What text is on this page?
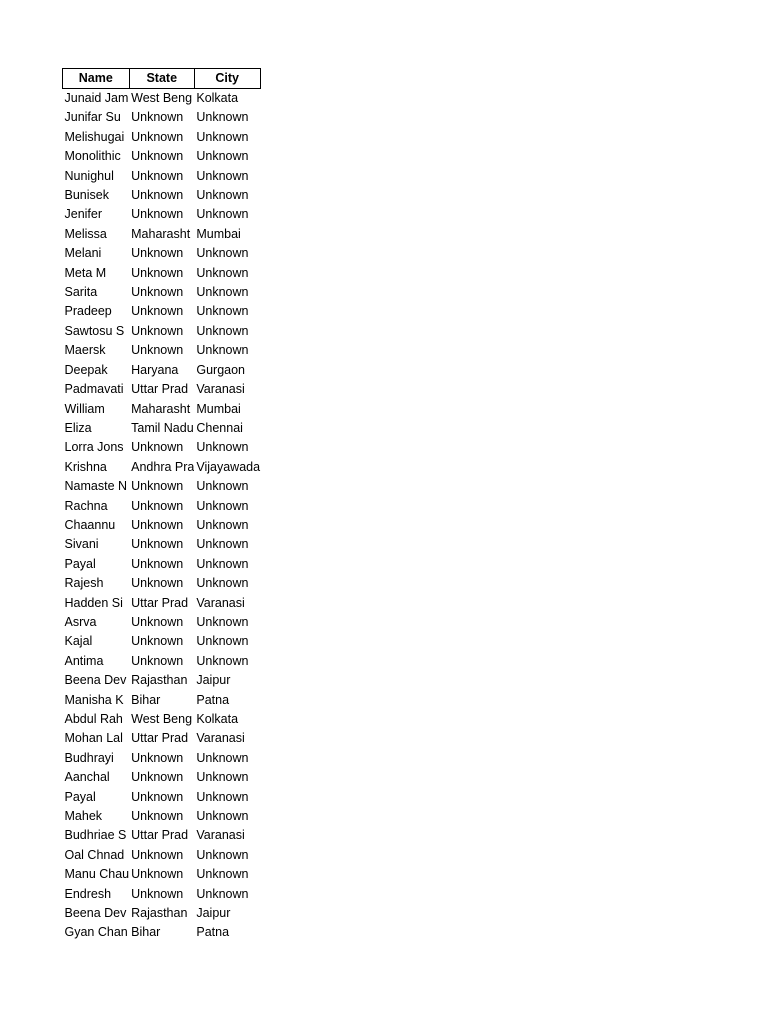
Name	State	City
Junaid Jam	West Beng	Kolkata
Junifar Su	Unknown	Unknown
Melishugai	Unknown	Unknown
Monolithic	Unknown	Unknown
Nunighul	Unknown	Unknown
Bunisek	Unknown	Unknown
Jenifer	Unknown	Unknown
Melissa	Maharasht	Mumbai
Melani	Unknown	Unknown
Meta M	Unknown	Unknown
Sarita	Unknown	Unknown
Pradeep	Unknown	Unknown
Sawtosu S	Unknown	Unknown
Maersk	Unknown	Unknown
Deepak	Haryana	Gurgaon
Padmavati	Uttar Prad	Varanasi
William	Maharasht	Mumbai
Eliza	Tamil Nadu	Chennai
Lorra Jons	Unknown	Unknown
Krishna	Andhra Pra	Vijayawada
Namaste N	Unknown	Unknown
Rachna	Unknown	Unknown
Chaannu	Unknown	Unknown
Sivani	Unknown	Unknown
Payal	Unknown	Unknown
Rajesh	Unknown	Unknown
Hadden Si	Uttar Prad	Varanasi
Asrva	Unknown	Unknown
Kajal	Unknown	Unknown
Antima	Unknown	Unknown
Beena Dev	Rajasthan	Jaipur
Manisha K	Bihar	Patna
Abdul Rah	West Beng	Kolkata
Mohan Lal	Uttar Prad	Varanasi
Budhrayi	Unknown	Unknown
Aanchal	Unknown	Unknown
Payal	Unknown	Unknown
Mahek	Unknown	Unknown
Budhriae S	Uttar Prad	Varanasi
Oal Chnad	Unknown	Unknown
Manu Chau	Unknown	Unknown
Endresh	Unknown	Unknown
Beena Dev	Rajasthan	Jaipur
Gyan Chan	Bihar	Patna
